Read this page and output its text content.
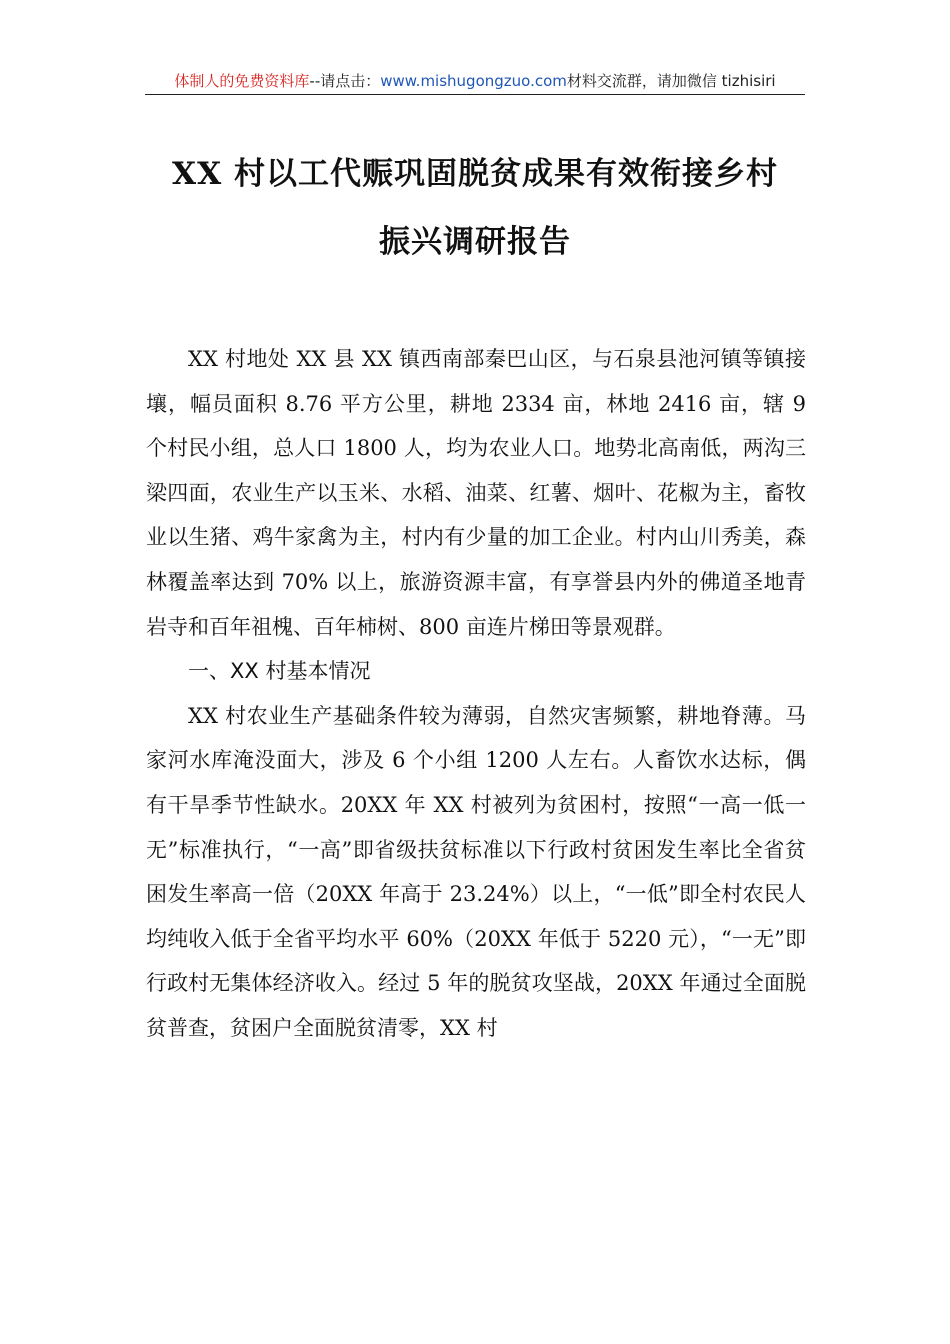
体制人的免费资料库--请点击：www.mishugongzuo.com材料交流群，请加微信 tizhisiri
XX 村以工代赈巩固脱贫成果有效衔接乡村
振兴调研报告

XX 村地处 XX 县 XX 镇西南部秦巴山区，与石泉县池河镇等镇接壤，幅员面积 8.76 平方公里，耕地 2334 亩，林地 2416 亩，辖 9 个村民小组，总人口 1800 人，均为农业人口。地势北高南低，两沟三梁四面，农业生产以玉米、水稻、油菜、红薯、烟叶、花椒为主，畜牧业以生猪、鸡牛家禽为主，村内有少量的加工企业。村内山川秀美，森林覆盖率达到 70% 以上，旅游资源丰富，有享誉县内外的佛道圣地青岩寺和百年祖槐、百年柿树、800 亩连片梯田等景观群。

一、XX 村基本情况

XX 村农业生产基础条件较为薄弱，自然灾害频繁，耕地脊薄。马家河水库淹没面大，涉及 6 个小组 1200 人左右。人畜饮水达标，偶有干旱季节性缺水。20XX 年 XX 村被列为贫困村，按照“一高一低一无”标准执行，“一高”即省级扶贫标准以下行政村贫困发生率比全省贫困发生率高一倍（20XX 年高于 23.24%）以上，“一低”即全村农民人均纯收入低于全省平均水平 60%（20XX 年低于 5220 元），“一无”即行政村无集体经济收入。经过 5 年的脱贫攻坚战，20XX 年通过全面脱贫普查，贫困户全面脱贫清零，XX 村
